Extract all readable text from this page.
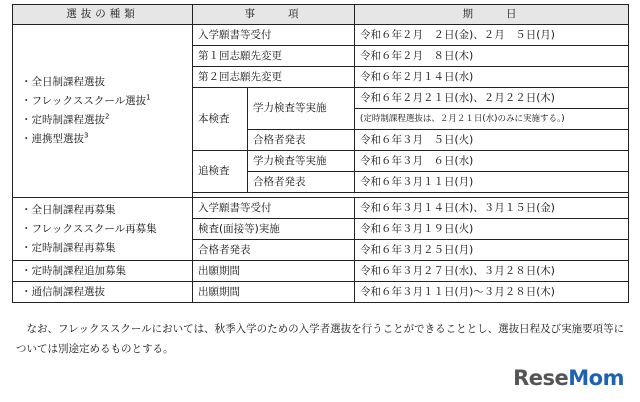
選抜の種類	事　　項		期　　日

・全日制課程選抜
・フレックススクール選抜$^1$
・定時制課程選抜$^2$
・連携型選抜$^3$	入学願書等受付		令和６年２月　２日(金)、２月　５日(月)
	第１回志願先変更		令和６年２月　８日(木)
	第２回志願先変更		令和６年２月１４日(水)
	本検査	学力検査等実施	令和６年２月２１日(水)、２月２２日(木)
			(定時制課程選抜は、２月２１日(水)のみに実施する。)
		合格者発表	令和６年３月　５日(火)
	追検査	学力検査等実施	令和６年３月　６日(水)
		合格者発表	令和６年３月１１日(月)

・全日制課程再募集
・フレックススクール再募集
・定時制課程再募集	入学願書等受付		令和６年３月１４日(木)、３月１５日(金)
	検査(面接等)実施		令和６年３月１９日(火)
	合格者発表		令和６年３月２５日(月)
・定時制課程追加募集	出願期間		令和６年３月２７日(水)、３月２８日(木)
・通信制課程選抜	出願期間		令和６年３月１１日(月)～３月２８日(木)
　なお、フレックススクールにおいては、秋季入学のための入学者選抜を行うことができることとし、選抜日程及び実施要項等については別途定めるものとする。
ReseMom
